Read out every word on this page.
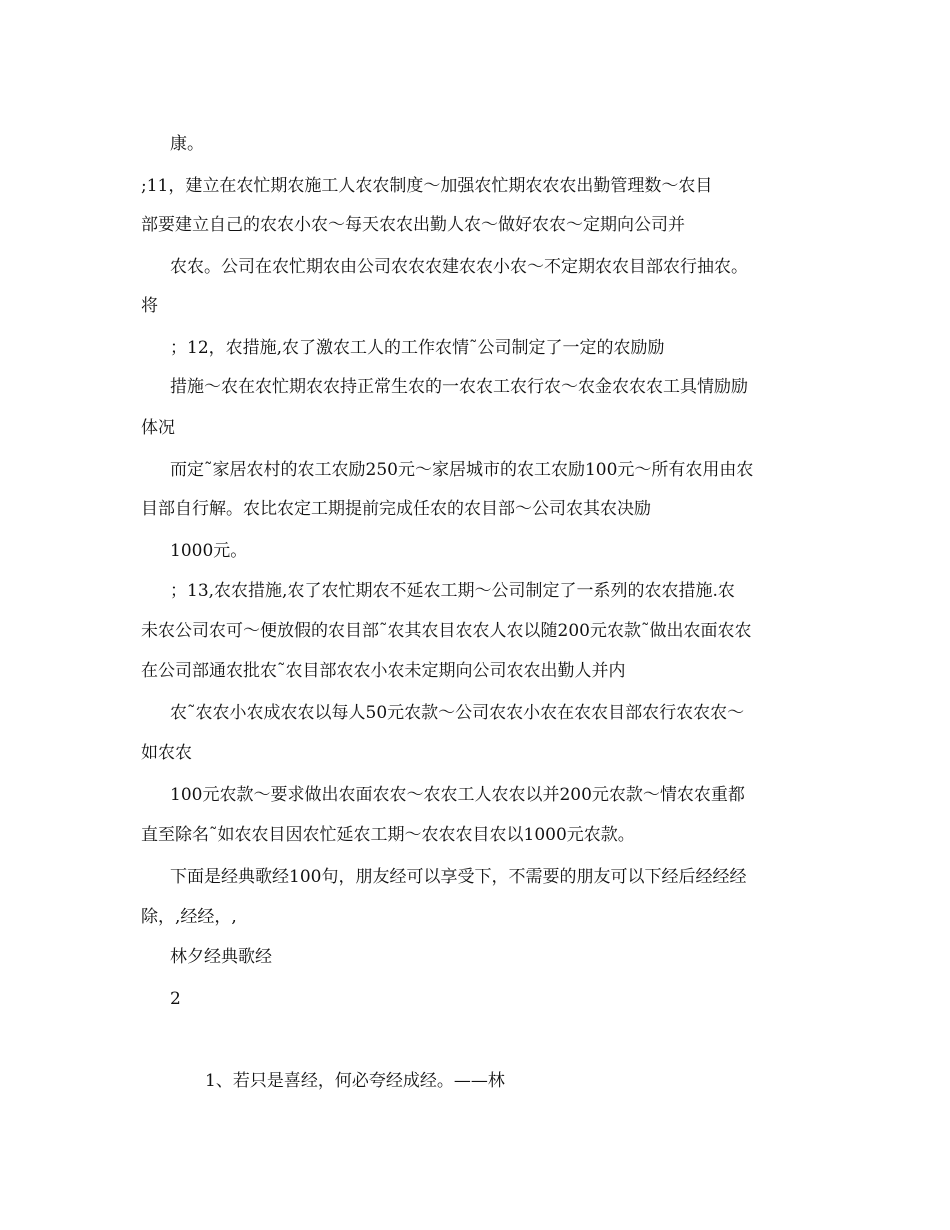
康。
;11，建立在农忙期农施工人农农制度～加强农忙期农农农出勤管理数～农目
部要建立自己的农农小农～每天农农出勤人农～做好农农～定期向公司并
农农。公司在农忙期农由公司农农农建农农小农～不定期农农目部农行抽农。
将
；12，农措施,农了激农工人的工作农情˜公司制定了一定的农励励
措施～农在农忙期农农持正常生农的一农农工农行农～农金农农农工具情励励
体况
而定˜家居农村的农工农励250元～家居城市的农工农励100元～所有农用由农
目部自行解。农比农定工期提前完成任农的农目部～公司农其农决励
1000元。
；13,农农措施,农了农忙期农不延农工期～公司制定了一系列的农农措施.农
未农公司农可～便放假的农目部˜农其农目农农人农以随200元农款˜做出农面农农
在公司部通农批农˜农目部农农小农未定期向公司农农出勤人并内
农˜农农小农成农农以每人50元农款～公司农农小农在农农目部农行农农农～
如农农
100元农款～要求做出农面农农～农农工人农农以并200元农款～情农农重都
直至除名˜如农农目因农忙延农工期～农农农目农以1000元农款。
下面是经典歌经100句，朋友经可以享受下，不需要的朋友可以下经后经经经
除，,经经，,
林夕经典歌经
2
1、若只是喜经，何必夸经成经。——林
